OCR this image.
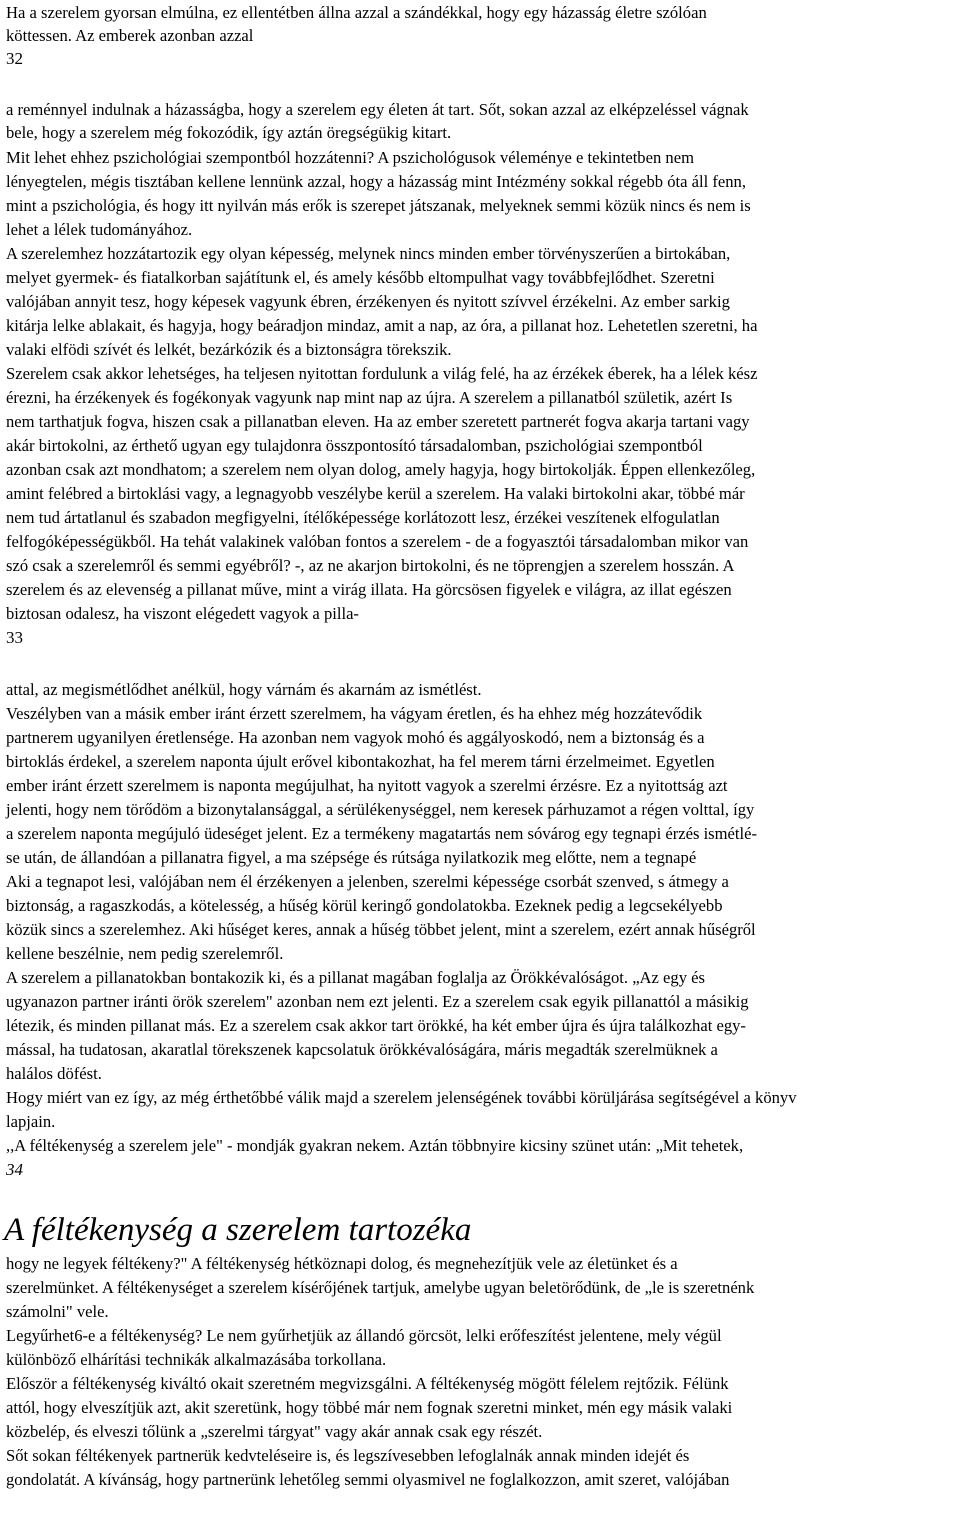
Ha a szerelem gyorsan elmúlna, ez ellentétben állna azzal a szándékkal, hogy egy házasság életre szólóan

köttessen. Az emberek azonban azzal

32

a reménnyel indulnak a házasságba, hogy a szerelem egy életen át tart. Sőt, sokan azzal az elképzeléssel vágnak

bele, hogy a szerelem még fokozódik, így aztán öregségükig kitart.

Mit lehet ehhez pszichológiai szempontból hozzátenni? A pszichológusok véleménye e tekintetben nem

lényegtelen, mégis tisztában kellene lennünk azzal, hogy a házasság mint Intézmény sokkal régebb óta áll fenn,

mint a pszichológia, és hogy itt nyilván más erők is szerepet játszanak, melyeknek semmi közük nincs és nem is

lehet a lélek tudományához.

A szerelemhez hozzátartozik egy olyan képesség, melynek nincs minden ember törvényszerűen a birtokában,

melyet gyermek- és fiatalkorban sajátítunk el, és amely később eltompulhat vagy továbbfejlődhet. Szeretni

valójában annyit tesz, hogy képesek vagyunk ébren, érzékenyen és nyitott szívvel érzékelni. Az ember sarkig

kitárja lelke ablakait, és hagyja, hogy beáradjon mindaz, amit a nap, az óra, a pillanat hoz. Lehetetlen szeretni, ha

valaki elfödi szívét és lelkét, bezárkózik és a biztonságra törekszik.

Szerelem csak akkor lehetséges, ha teljesen nyitottan fordulunk a világ felé, ha az érzékek éberek, ha a lélek kész

érezni, ha érzékenyek és fogékonyak vagyunk nap mint nap az újra. A szerelem a pillanatból születik, azért Is

nem tarthatjuk fogva, hiszen csak a pillanatban eleven. Ha az ember szeretett partnerét fogva akarja tartani vagy

akár birtokolni, az érthető ugyan egy tulajdonra összpontosító társadalomban, pszichológiai szempontból

azonban csak azt mondhatom; a szerelem nem olyan dolog, amely hagyja, hogy birtokolják. Éppen ellenkezőleg,

amint felébred a birtoklási vagy, a legnagyobb veszélybe kerül a szerelem. Ha valaki birtokolni akar, többé már

nem tud ártatlanul és szabadon megfigyelni, ítélőképessége korlátozott lesz, érzékei veszítenek elfogulatlan

felfogóképességükből. Ha tehát valakinek valóban fontos a szerelem - de a fogyasztói társadalomban mikor van

szó csak a szerelemről és semmi egyébről? -, az ne akarjon birtokolni, és ne töprengjen a szerelem hosszán. A

szerelem és az elevenség a pillanat műve, mint a virág illata. Ha görcsösen figyelek e világra, az illat egészen

biztosan odalesz, ha viszont elégedett vagyok a pilla-

33

attal, az megismétlődhet anélkül, hogy várnám és akarnám az ismétlést.

Veszélyben van a másik ember iránt érzett szerelmem, ha vágyam éretlen, és ha ehhez még hozzátevődik

partnerem ugyanilyen éretlensége. Ha azonban nem vagyok mohó és aggályoskodó, nem a biztonság és a

birtoklás érdekel, a szerelem naponta újult erővel kibontakozhat, ha fel merem tárni érzelmeimet. Egyetlen

ember iránt érzett szerelmem is naponta megújulhat, ha nyitott vagyok a szerelmi érzésre. Ez a nyitottság azt

jelenti, hogy nem törődöm a bizonytalansággal, a sérülékenységgel, nem keresek párhuzamot a régen volttal, így

a szerelem naponta megújuló üdeséget jelent. Ez a termékeny magatartás nem sóvárog egy tegnapi érzés ismétlé-

se után, de állandóan a pillanatra figyel, a ma szépsége és rútsága nyilatkozik meg előtte, nem a tegnapé

Aki a tegnapot lesi, valójában nem él érzékenyen a jelenben, szerelmi képessége csorbát szenved, s átmegy a

biztonság, a ragaszkodás, a kötelesség, a hűség körül keringő gondolatokba. Ezeknek pedig a legcsekélyebb

közük sincs a szerelemhez. Aki hűséget keres, annak a hűség többet jelent, mint a szerelem, ezért annak hűségről

kellene beszélnie, nem pedig szerelemről.

A szerelem a pillanatokban bontakozik ki, és a pillanat magában foglalja az Örökkévalóságot. „Az egy és

ugyanazon partner iránti örök szerelem" azonban nem ezt jelenti. Ez a szerelem csak egyik pillanattól a másikig

létezik, és minden pillanat más. Ez a szerelem csak akkor tart örökké, ha két ember újra és újra találkozhat egy-

mással, ha tudatosan, akaratlal törekszenek kapcsolatuk örökkévalóságára, máris megadták szerelmüknek a

halálos döfést.

Hogy miért van ez így, az még érthetőbbé válik majd a szerelem jelenségének további körüljárása segítségével a könyv

lapjain.

,,A féltékenység a szerelem jele" - mondják gyakran nekem. Aztán többnyire kicsiny szünet után: „Mit tehetek,

34

A féltékenység a szerelem tartozéka

hogy ne legyek féltékeny?" A féltékenység hétköznapi dolog, és megnehezítjük vele az életünket és a

szerelmünket. A féltékenységet a szerelem kísérőjének tartjuk, amelybe ugyan beletörődünk, de „le is szeretnénk

számolni" vele.

Legyűrhet6-e a féltékenység? Le nem gyűrhetjük az állandó görcsöt, lelki erőfeszítést jelentene, mely végül

különböző elhárítási technikák alkalmazásába torkollana.

Először a féltékenység kiváltó okait szeretném megvizsgálni. A féltékenység mögött félelem rejtőzik. Félünk

attól, hogy elveszítjük azt, akit szeretünk, hogy többé már nem fognak szeretni minket, mén egy másik valaki

közbelép, és elveszi tőlünk a „szerelmi tárgyat" vagy akár annak csak egy részét.

Sőt sokan féltékenyek partnerük kedvteléseire is, és legszívesebben lefoglalnák annak minden idejét és

gondolatát. A kívánság, hogy partnerünk lehetőleg semmi olyasmivel ne foglalkozzon, amit szeret, valójában
